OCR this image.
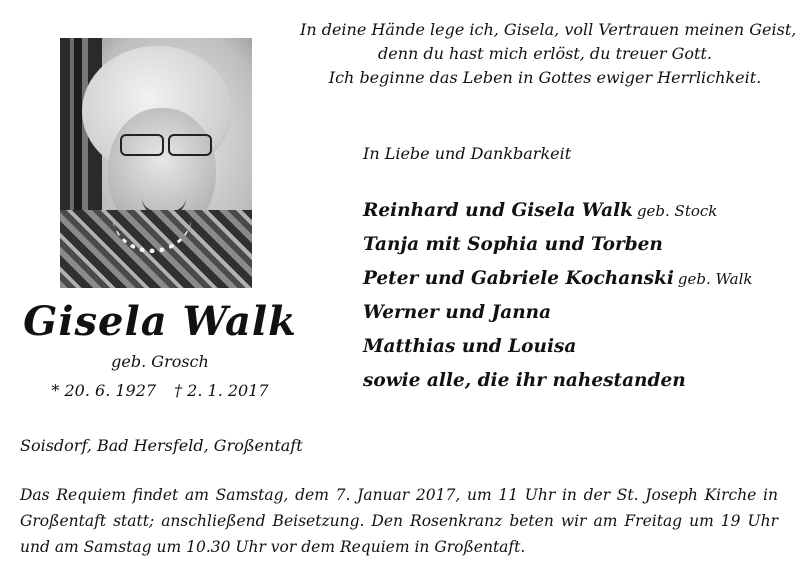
Gisela Walk
geb. Grosch
* 20. 6. 1927 † 2. 1. 2017
In deine Hände lege ich, Gisela, voll Vertrauen meinen Geist,
denn du hast mich erlöst, du treuer Gott.
Ich beginne das Leben in Gottes ewiger Herrlichkeit.
In Liebe und Dankbarkeit
Reinhard und Gisela Walk geb. Stock
Tanja mit Sophia und Torben
Peter und Gabriele Kochanski geb. Walk
Werner und Janna
Matthias und Louisa
sowie alle, die ihr nahestanden
Soisdorf, Bad Hersfeld, Großentaft
Das Requiem findet am Samstag, dem 7. Januar 2017, um 11 Uhr in der St. Joseph Kirche in Großentaft statt; anschließend Beisetzung. Den Rosenkranz beten wir am Freitag um 19 Uhr und am Samstag um 10.30 Uhr vor dem Requiem in Großentaft.
